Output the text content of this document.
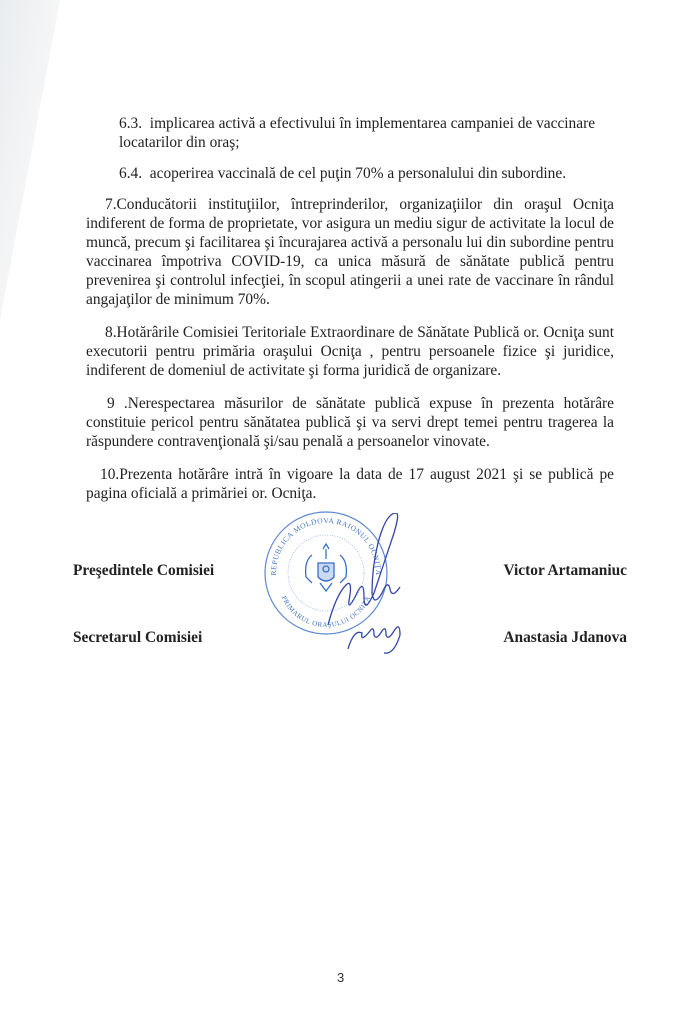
6.3. implicarea activă a efectivului în implementarea campaniei de vaccinare locatarilor din oraş;
6.4. acoperirea vaccinală de cel puţin 70% a personalului din subordine.
7.Conducătorii instituţiilor, întreprinderilor, organizaţiilor din oraşul Ocniţa indiferent de forma de proprietate, vor asigura un mediu sigur de activitate la locul de muncă, precum şi facilitarea şi încurajarea activă a personalu lui din subordine pentru vaccinarea împotriva COVID-19, ca unica măsură de sănătate publică pentru prevenirea şi controlul infecţiei, în scopul atingerii a unei rate de vaccinare în rândul angajaţilor de minimum 70%.
8.Hotărârile Comisiei Teritoriale Extraordinare de Sănătate Publică or. Ocniţa sunt executorii pentru primăria oraşului Ocniţa , pentru persoanele fizice şi juridice, indiferent de domeniul de activitate şi forma juridică de organizare.
9 .Nerespectarea măsurilor de sănătate publică expuse în prezenta hotărâre constituie pericol pentru sănătatea publică şi va servi drept temei pentru tragerea la răspundere contravenţională şi/sau penală a persoanelor vinovate.
10.Prezenta hotărâre intră în vigoare la data de 17 august 2021 şi se publică pe pagina oficială a primăriei or. Ocniţa.
REPUBLICA MOLDOVA RAIONUL OCNIŢA
PRIMARUL ORAŞULUI OCNIŢA
Preşedintele Comisiei	Victor Artamaniuc
Secretarul Comisiei	Anastasia Jdanova
3
